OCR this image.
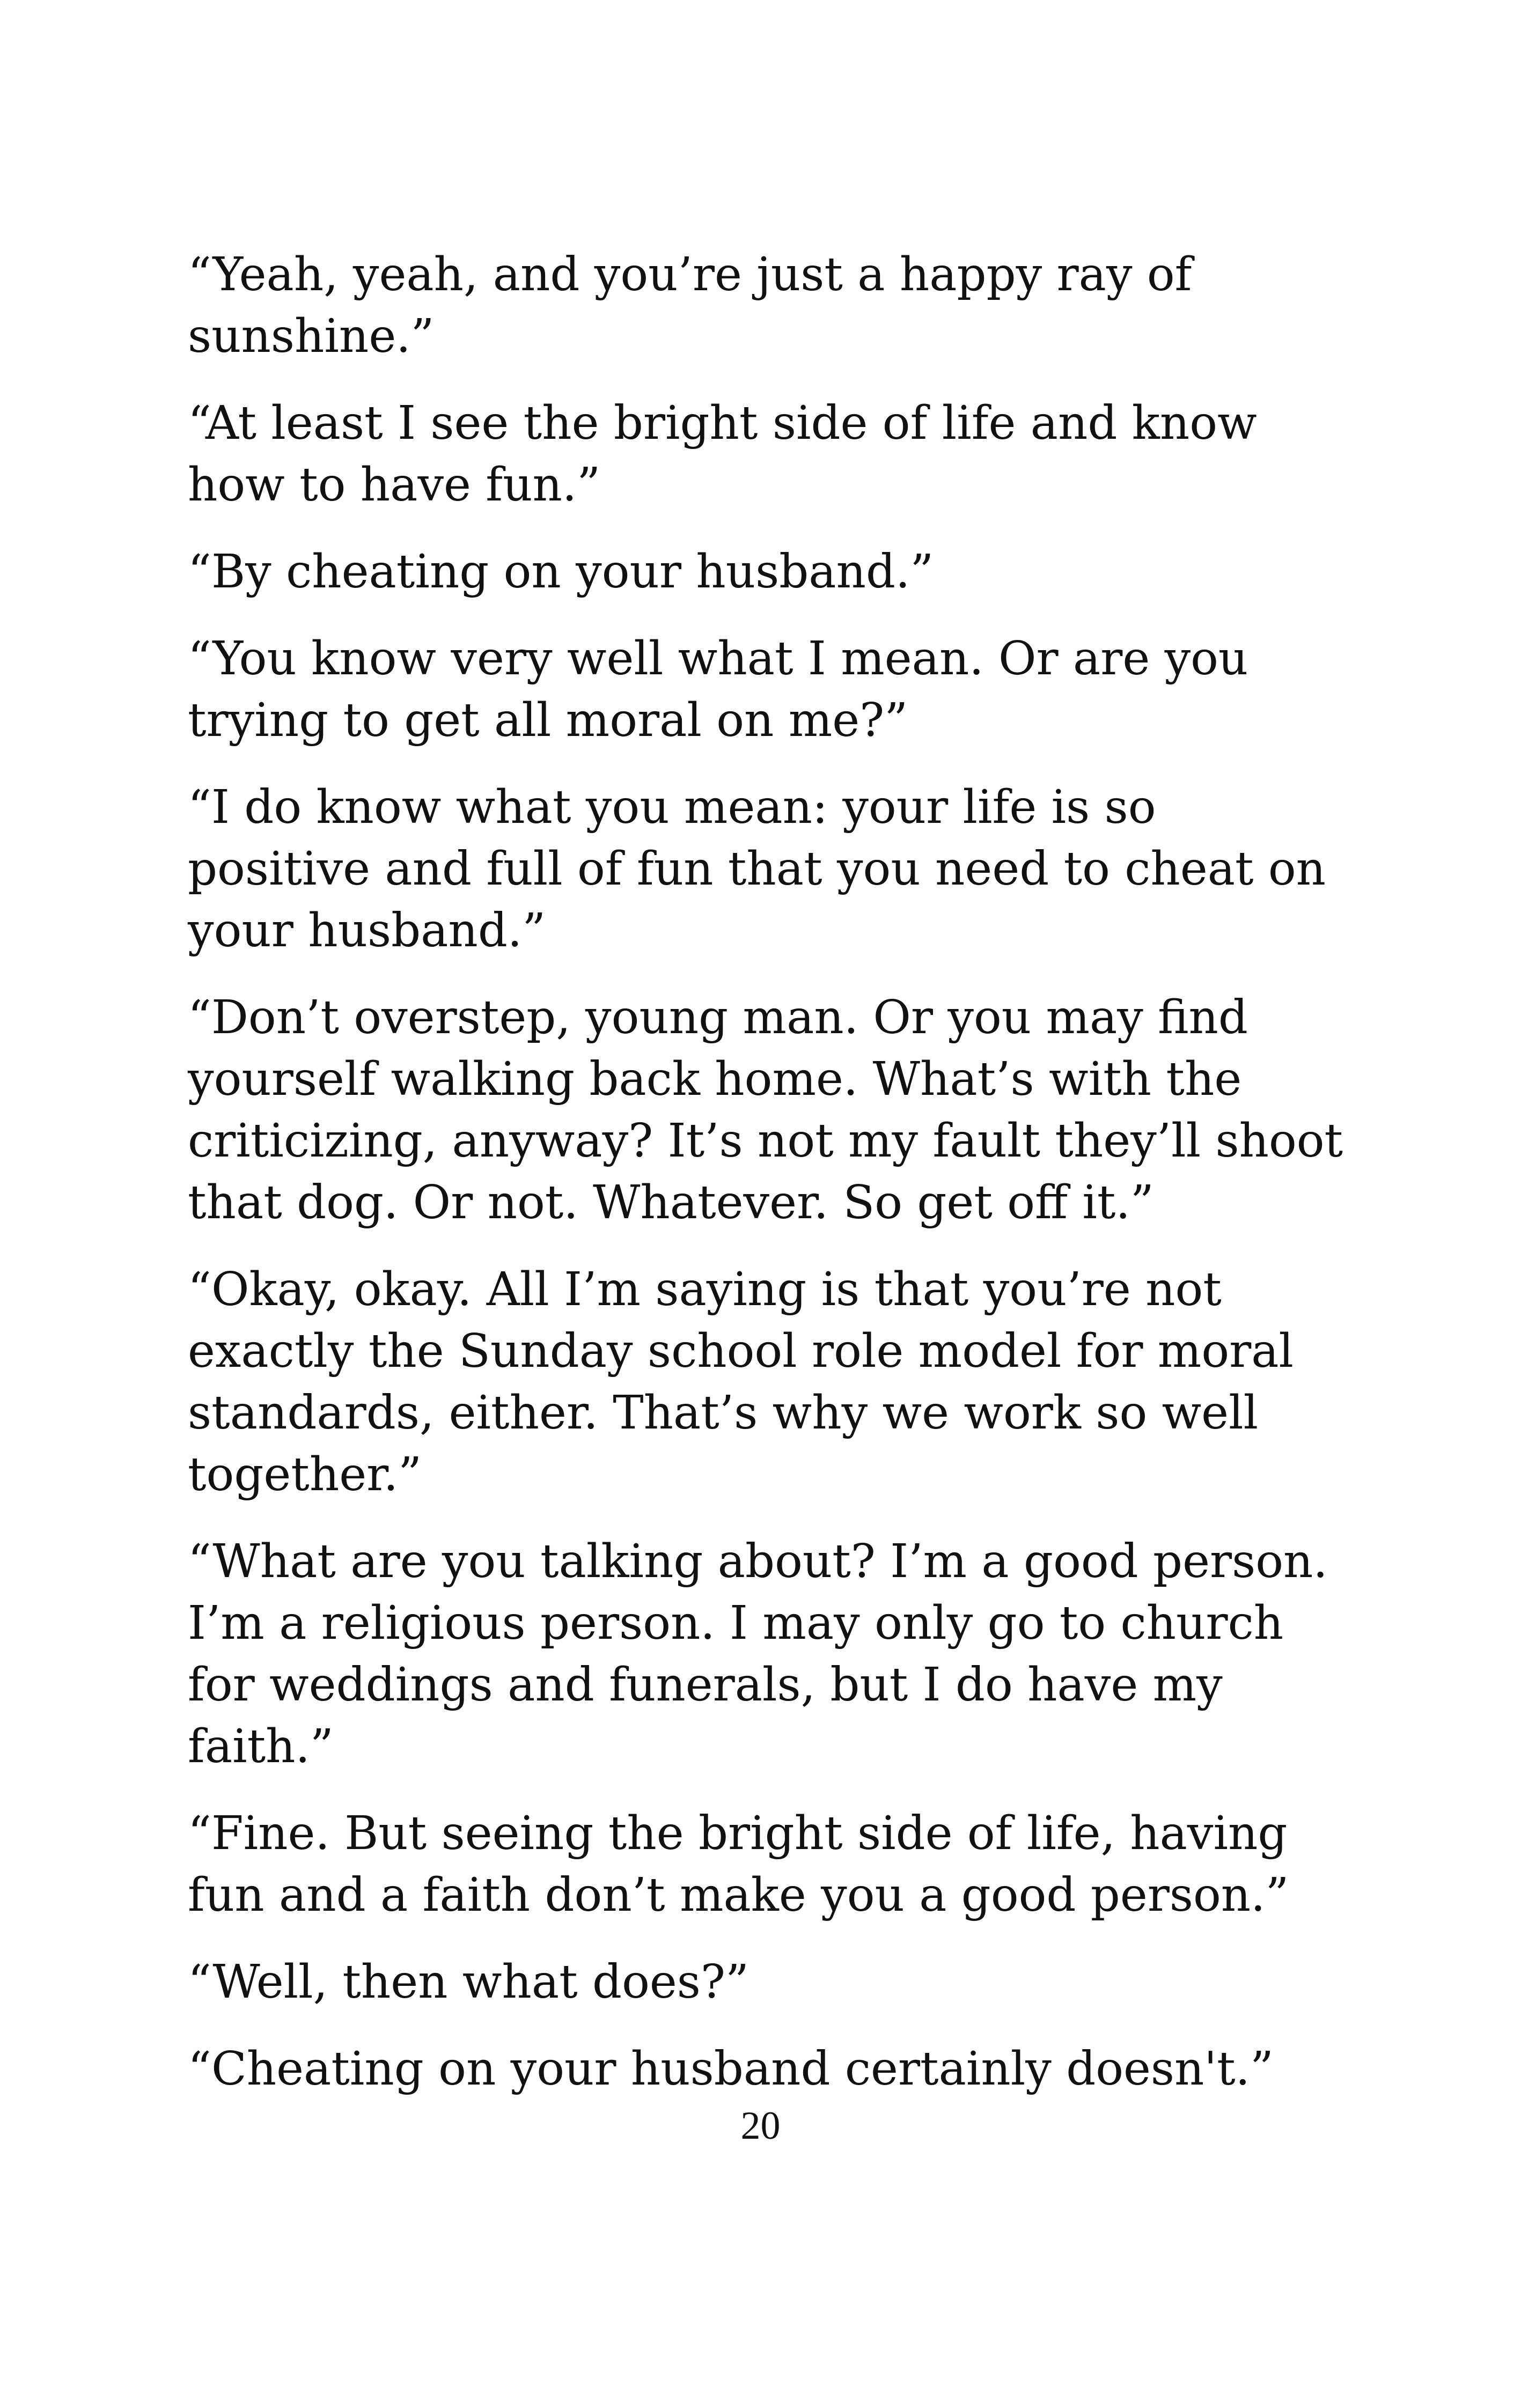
“Yeah, yeah, and you’re just a happy ray of sunshine.”

“At least I see the bright side of life and know how to have fun.”

“By cheating on your husband.”

“You know very well what I mean. Or are you trying to get all moral on me?”

“I do know what you mean: your life is so positive and full of fun that you need to cheat on your husband.”

“Don’t overstep, young man. Or you may find yourself walking back home. What’s with the criticizing, anyway? It’s not my fault they’ll shoot that dog. Or not. Whatever. So get off it.”

“Okay, okay. All I’m saying is that you’re not exactly the Sunday school role model for moral standards, either. That’s why we work so well together.”

“What are you talking about? I’m a good person. I’m a religious person. I may only go to church for weddings and funerals, but I do have my faith.”

“Fine. But seeing the bright side of life, having fun and a faith don’t make you a good person.”

“Well, then what does?”

“Cheating on your husband certainly doesn't.”

20
